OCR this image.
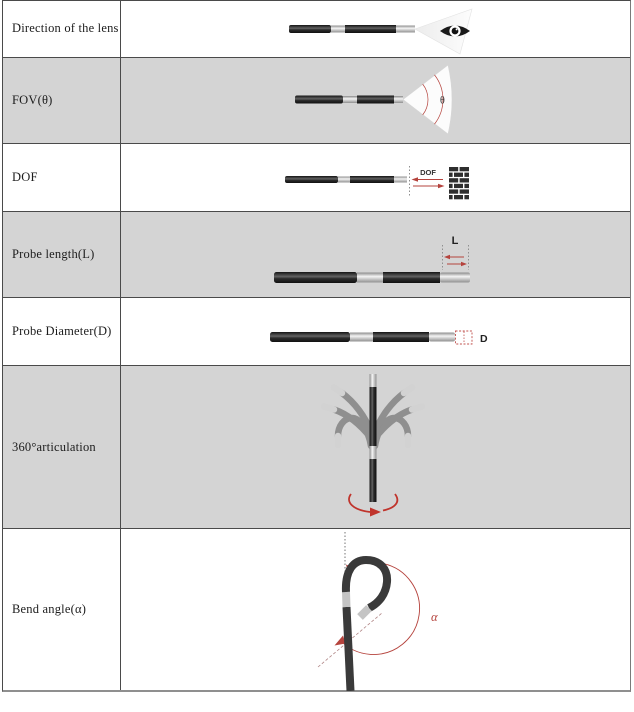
Direction of the lens
FOV(θ)	θ
DOF	DOF
Probe length(L)
L
Probe Diameter(D)
D
360°articulation
Bend angle(α)
α
